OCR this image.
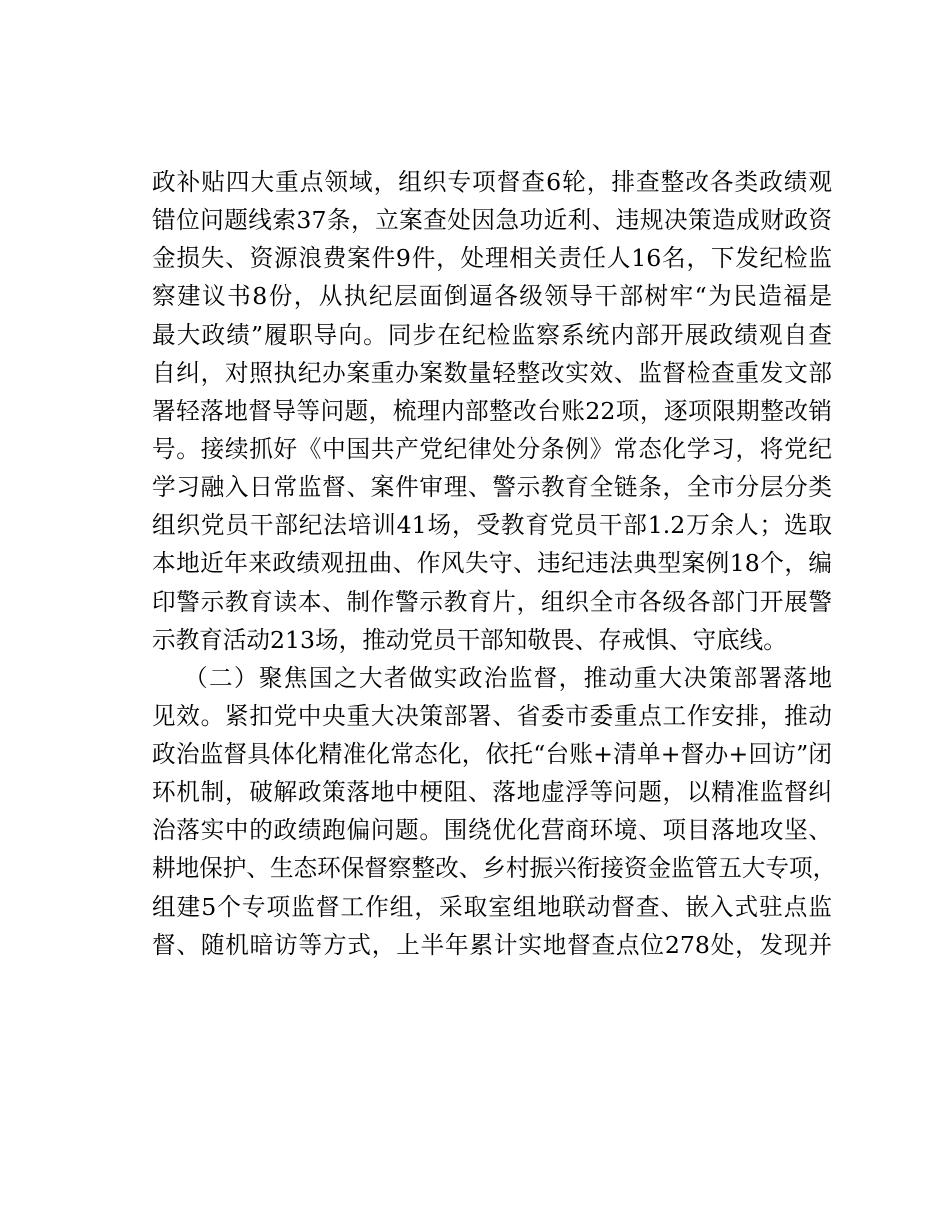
政补贴四大重点领域，组织专项督查6轮，排查整改各类政绩观
错位问题线索37条，立案查处因急功近利、违规决策造成财政资
金损失、资源浪费案件9件，处理相关责任人16名，下发纪检监
察建议书8份，从执纪层面倒逼各级领导干部树牢“为民造福是
最大政绩”履职导向。同步在纪检监察系统内部开展政绩观自查
自纠，对照执纪办案重办案数量轻整改实效、监督检查重发文部
署轻落地督导等问题，梳理内部整改台账22项，逐项限期整改销
号。接续抓好《中国共产党纪律处分条例》常态化学习，将党纪
学习融入日常监督、案件审理、警示教育全链条，全市分层分类
组织党员干部纪法培训41场，受教育党员干部1.2万余人；选取
本地近年来政绩观扭曲、作风失守、违纪违法典型案例18个，编
印警示教育读本、制作警示教育片，组织全市各级各部门开展警
示教育活动213场，推动党员干部知敬畏、存戒惧、守底线。
（二）聚焦国之大者做实政治监督，推动重大决策部署落地
见效。紧扣党中央重大决策部署、省委市委重点工作安排，推动
政治监督具体化精准化常态化，依托“台账+清单+督办+回访”闭
环机制，破解政策落地中梗阻、落地虚浮等问题，以精准监督纠
治落实中的政绩跑偏问题。围绕优化营商环境、项目落地攻坚、
耕地保护、生态环保督察整改、乡村振兴衔接资金监管五大专项，
组建5个专项监督工作组，采取室组地联动督查、嵌入式驻点监
督、随机暗访等方式，上半年累计实地督查点位278处，发现并
